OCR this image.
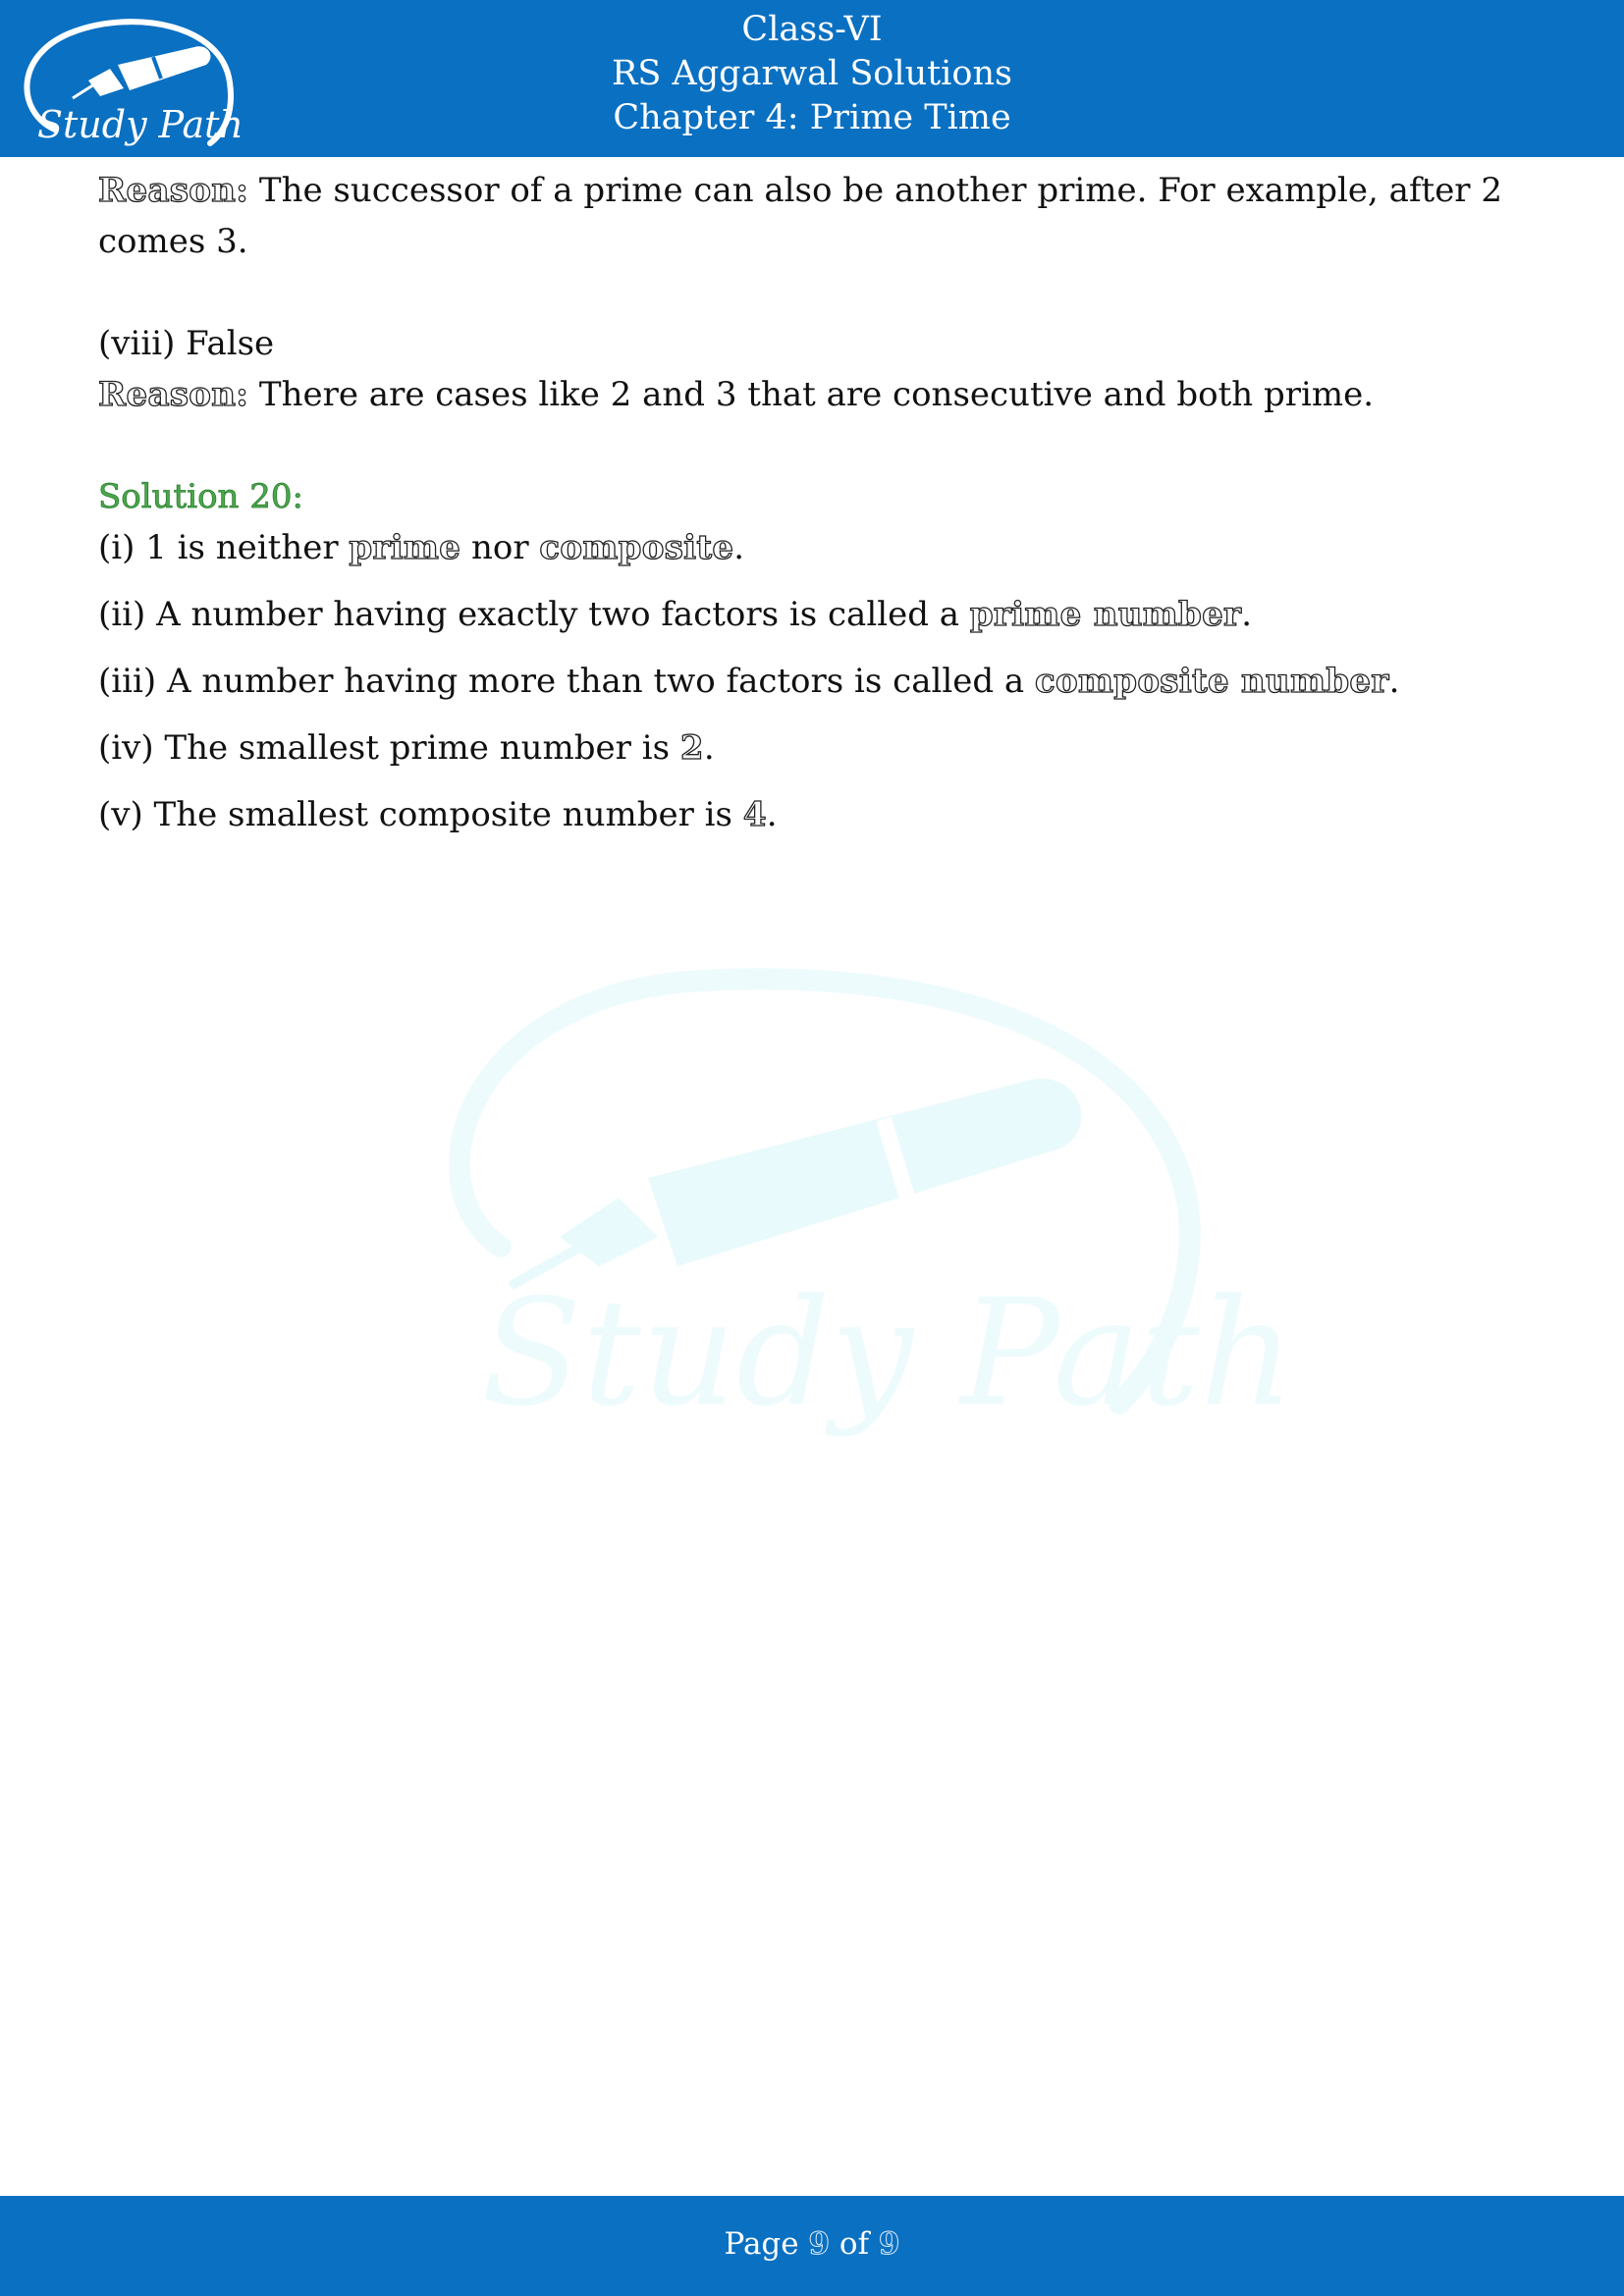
Study Path
Class-VI
RS Aggarwal Solutions
Chapter 4: Prime Time
Study Path

Reason: The successor of a prime can also be another prime. For example, after 2 comes 3.

(viii) False

Reason: There are cases like 2 and 3 that are consecutive and both prime.

Solution 20:

(i) 1 is neither prime nor composite.

(ii) A number having exactly two factors is called a prime number.

(iii) A number having more than two factors is called a composite number.

(iv) The smallest prime number is 2.

(v) The smallest composite number is 4.

Page 9 of 9
